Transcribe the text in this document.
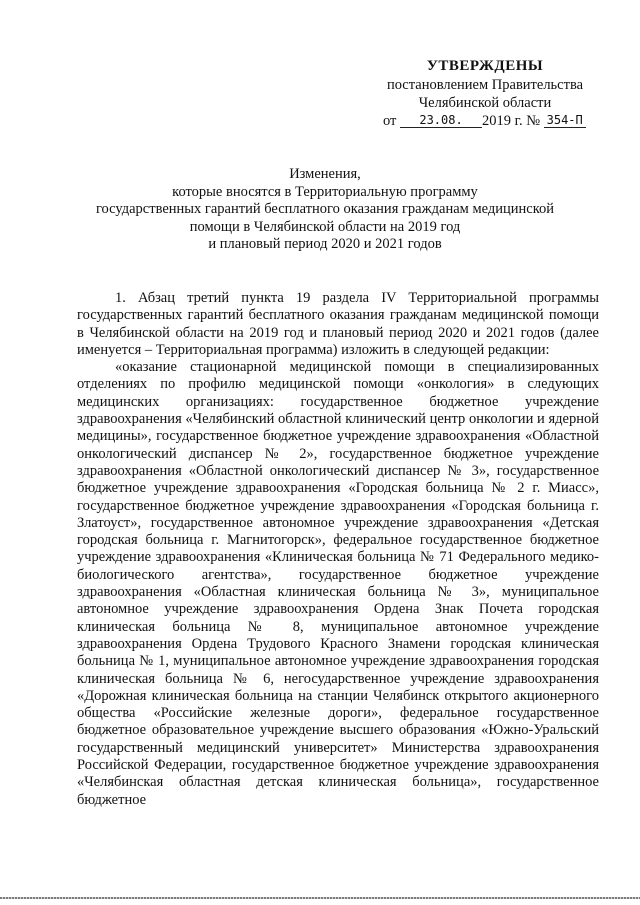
УТВЕРЖДЕНЫ
постановлением Правительства
Челябинской области
от 23.08. 2019 г. № 354-П
Изменения,
которые вносятся в Территориальную программу
государственных гарантий бесплатного оказания гражданам медицинской
помощи в Челябинской области на 2019 год
и плановый период 2020 и 2021 годов

1. Абзац третий пункта 19 раздела IV Территориальной программы государственных гарантий бесплатного оказания гражданам медицинской помощи в Челябинской области на 2019 год и плановый период 2020 и 2021 годов (далее именуется – Территориальная программа) изложить в следующей редакции:

«оказание стационарной медицинской помощи в специализированных отделениях по профилю медицинской помощи «онкология» в следующих медицинских организациях: государственное бюджетное учреждение здравоохранения «Челябинский областной клинический центр онкологии и ядерной медицины», государственное бюджетное учреждение здравоохранения «Областной онкологический диспансер № 2», государственное бюджетное учреждение здравоохранения «Областной онкологический диспансер № 3», государственное бюджетное учреждение здравоохранения «Городская больница № 2 г. Миасс», государственное бюджетное учреждение здравоохранения «Городская больница г. Златоуст», государственное автономное учреждение здравоохранения «Детская городская больница г. Магнитогорск», федеральное государственное бюджетное учреждение здравоохранения «Клиническая больница № 71 Федерального медико-биологического агентства», государственное бюджетное учреждение здравоохранения «Областная клиническая больница № 3», муниципальное автономное учреждение здравоохранения Ордена Знак Почета городская клиническая больница № 8, муниципальное автономное учреждение здравоохранения Ордена Трудового Красного Знамени городская клиническая больница № 1, муниципальное автономное учреждение здравоохранения городская клиническая больница № 6, негосударственное учреждение здравоохранения «Дорожная клиническая больница на станции Челябинск открытого акционерного общества «Российские железные дороги», федеральное государственное бюджетное образовательное учреждение высшего образования «Южно-Уральский государственный медицинский университет» Министерства здравоохранения Российской Федерации, государственное бюджетное учреждение здравоохранения «Челябинская областная детская клиническая больница», государственное бюджетное
